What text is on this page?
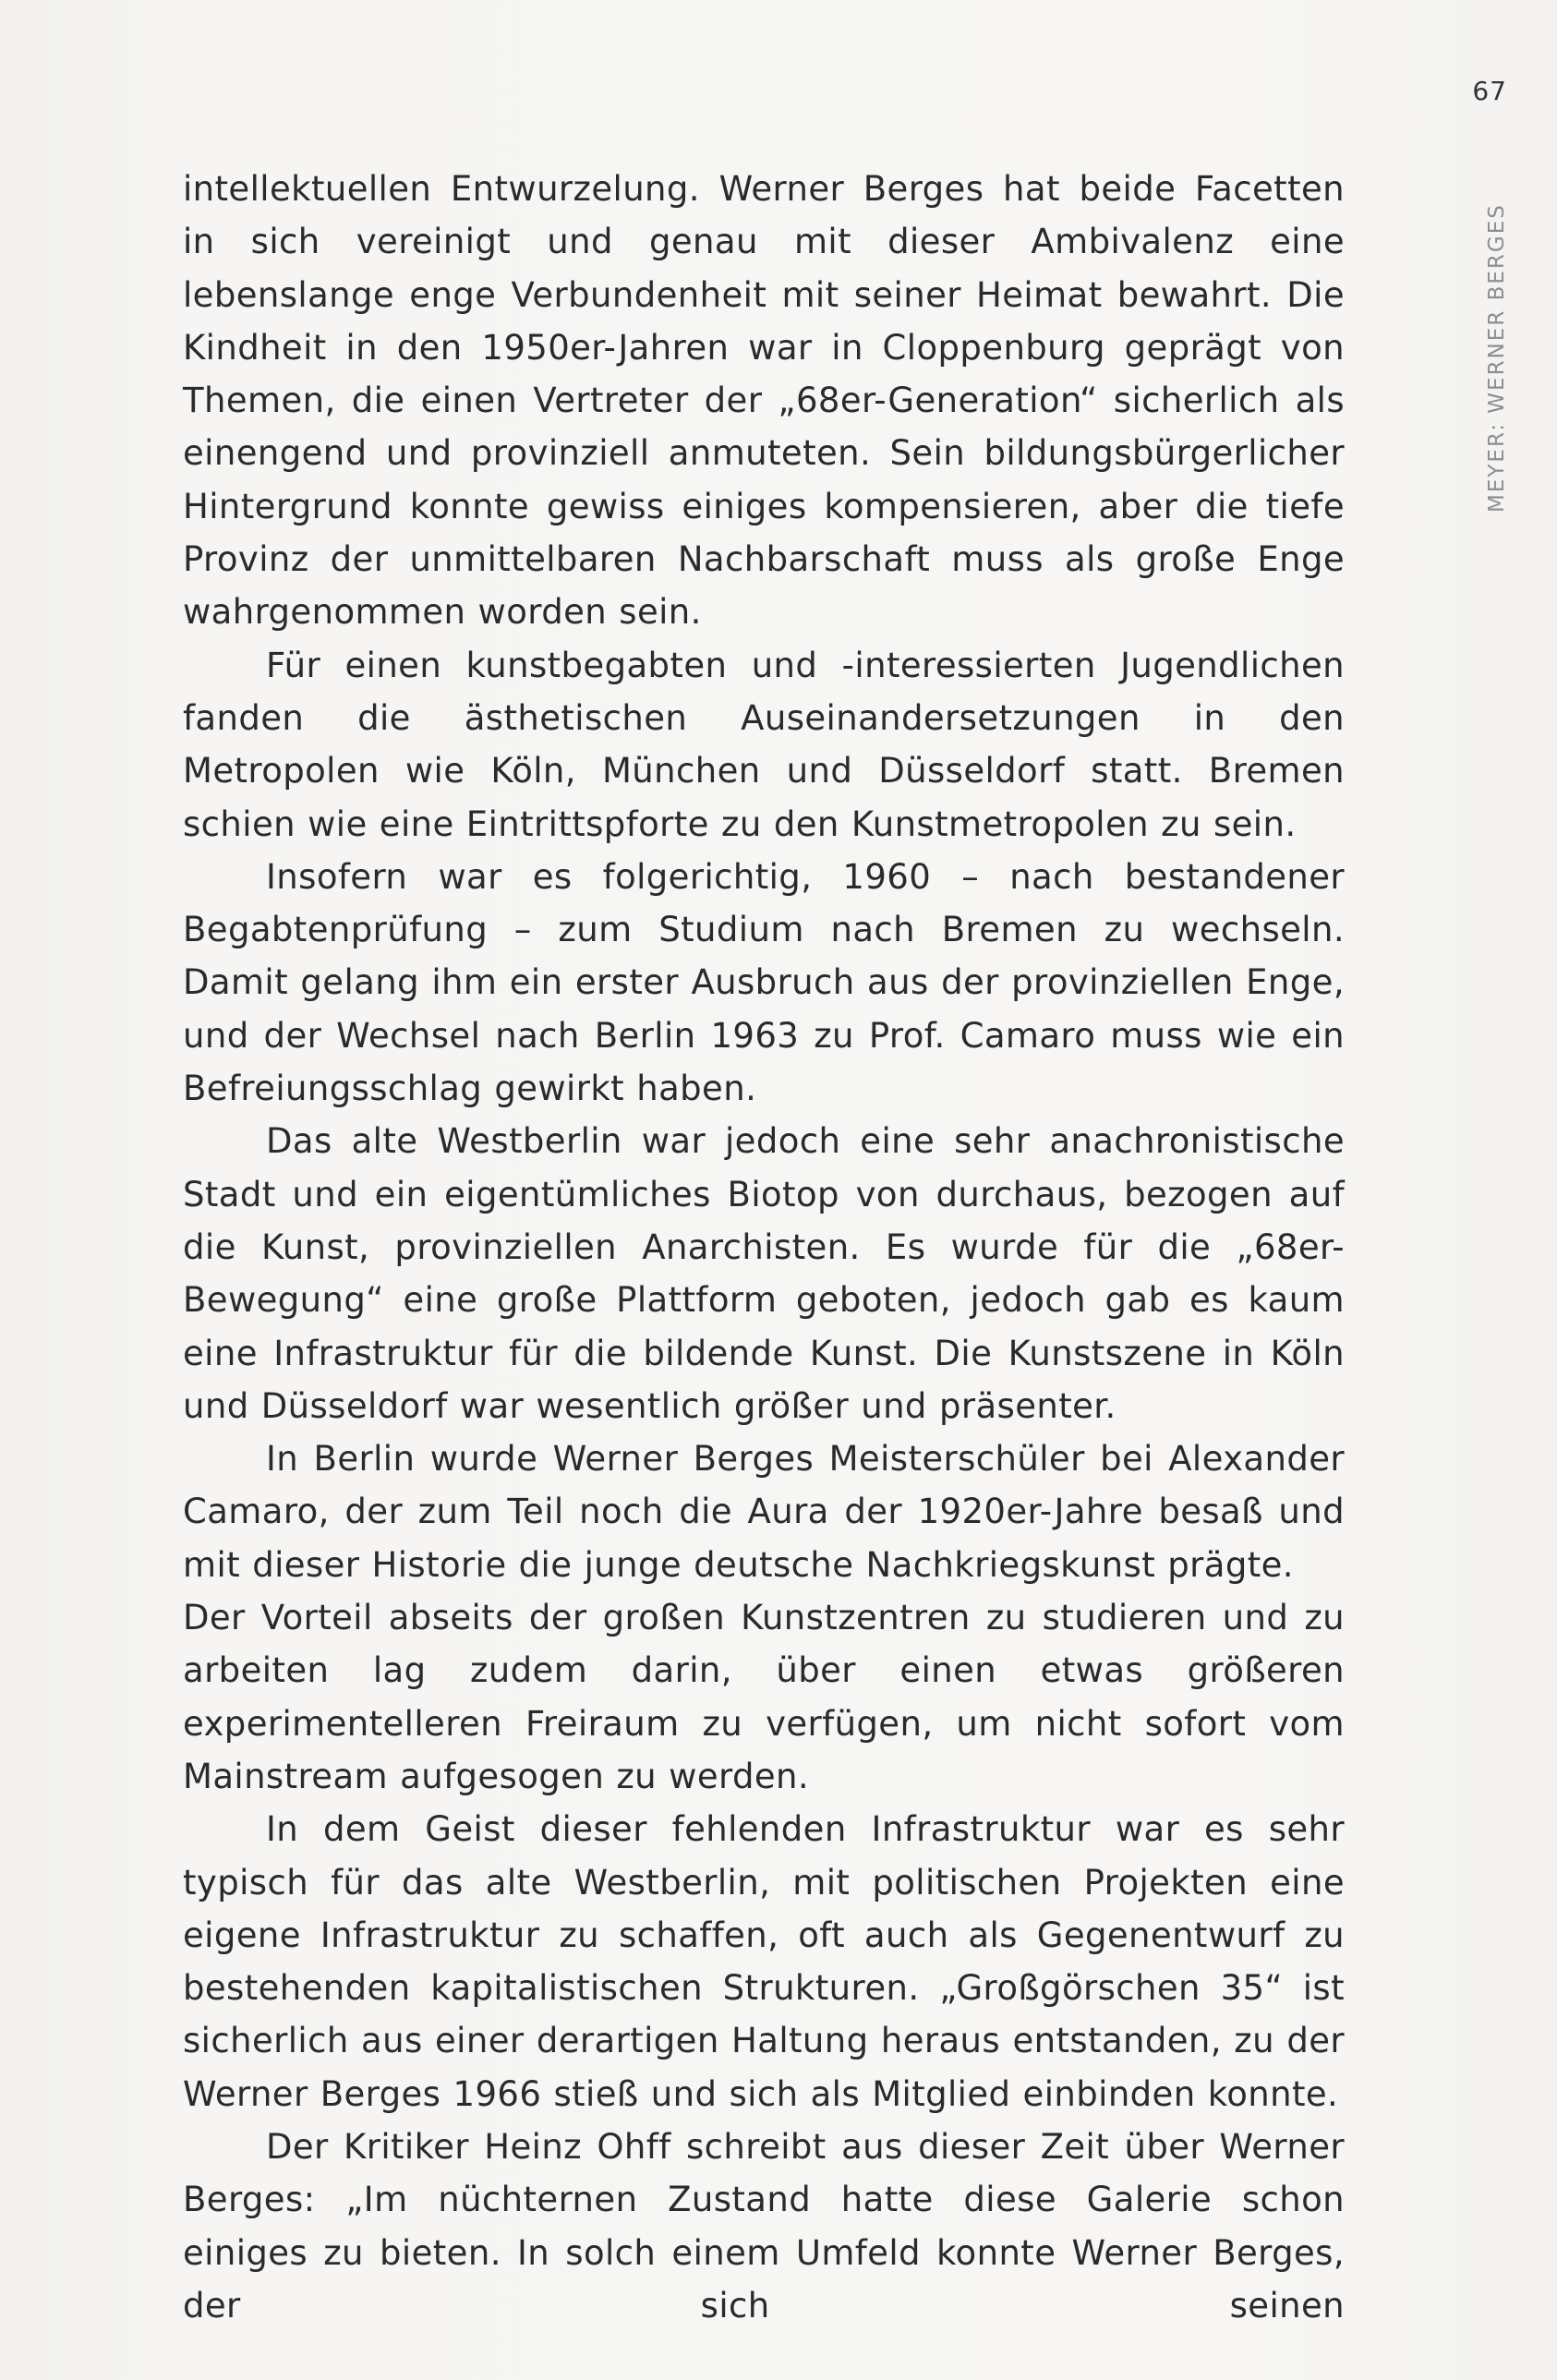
67
MEYER: WERNER BERGES

intellektuellen Entwurzelung. Werner Berges hat beide Facetten in sich vereinigt und genau mit dieser Ambivalenz eine lebenslange enge Verbundenheit mit seiner Heimat bewahrt. Die Kindheit in den 1950er-Jahren war in Cloppenburg geprägt von Themen, die einen Vertreter der „68er-Generation“ sicherlich als einengend und provinziell anmuteten. Sein bildungsbürgerlicher Hintergrund konnte gewiss einiges kompensieren, aber die tiefe Provinz der unmittelbaren Nachbarschaft muss als große Enge wahrgenommen worden sein.

Für einen kunstbegabten und -interessierten Jugendlichen fanden die ästhetischen Auseinandersetzungen in den Metropolen wie Köln, München und Düsseldorf statt. Bremen schien wie eine Eintrittspforte zu den Kunstmetropolen zu sein.

Insofern war es folgerichtig, 1960 – nach bestandener Begabtenprüfung – zum Studium nach Bremen zu wechseln. Damit gelang ihm ein erster Ausbruch aus der provinziellen Enge, und der Wechsel nach Berlin 1963 zu Prof. Camaro muss wie ein Befreiungsschlag gewirkt haben.

Das alte Westberlin war jedoch eine sehr anachronistische Stadt und ein eigentümliches Biotop von durchaus, bezogen auf die Kunst, provinziellen Anarchisten. Es wurde für die „68er-Bewegung“ eine große Plattform geboten, jedoch gab es kaum eine Infrastruktur für die bildende Kunst. Die Kunstszene in Köln und Düsseldorf war wesentlich größer und präsenter.

In Berlin wurde Werner Berges Meisterschüler bei Alexander Camaro, der zum Teil noch die Aura der 1920er-Jahre besaß und mit dieser Historie die junge deutsche Nachkriegskunst prägte.

Der Vorteil abseits der großen Kunstzentren zu studieren und zu arbeiten lag zudem darin, über einen etwas größeren experimentelleren Freiraum zu verfügen, um nicht sofort vom Mainstream aufgesogen zu werden.

In dem Geist dieser fehlenden Infrastruktur war es sehr typisch für das alte Westberlin, mit politischen Projekten eine eigene Infrastruktur zu schaffen, oft auch als Gegenentwurf zu bestehenden kapitalistischen Strukturen. „Großgörschen 35“ ist sicherlich aus einer derartigen Haltung heraus entstanden, zu der Werner Berges 1966 stieß und sich als Mitglied einbinden konnte.

Der Kritiker Heinz Ohff schreibt aus dieser Zeit über Werner Berges: „Im nüchternen Zustand hatte diese Galerie schon einiges zu bieten. In solch einem Umfeld konnte Werner Berges, der sich seinen
